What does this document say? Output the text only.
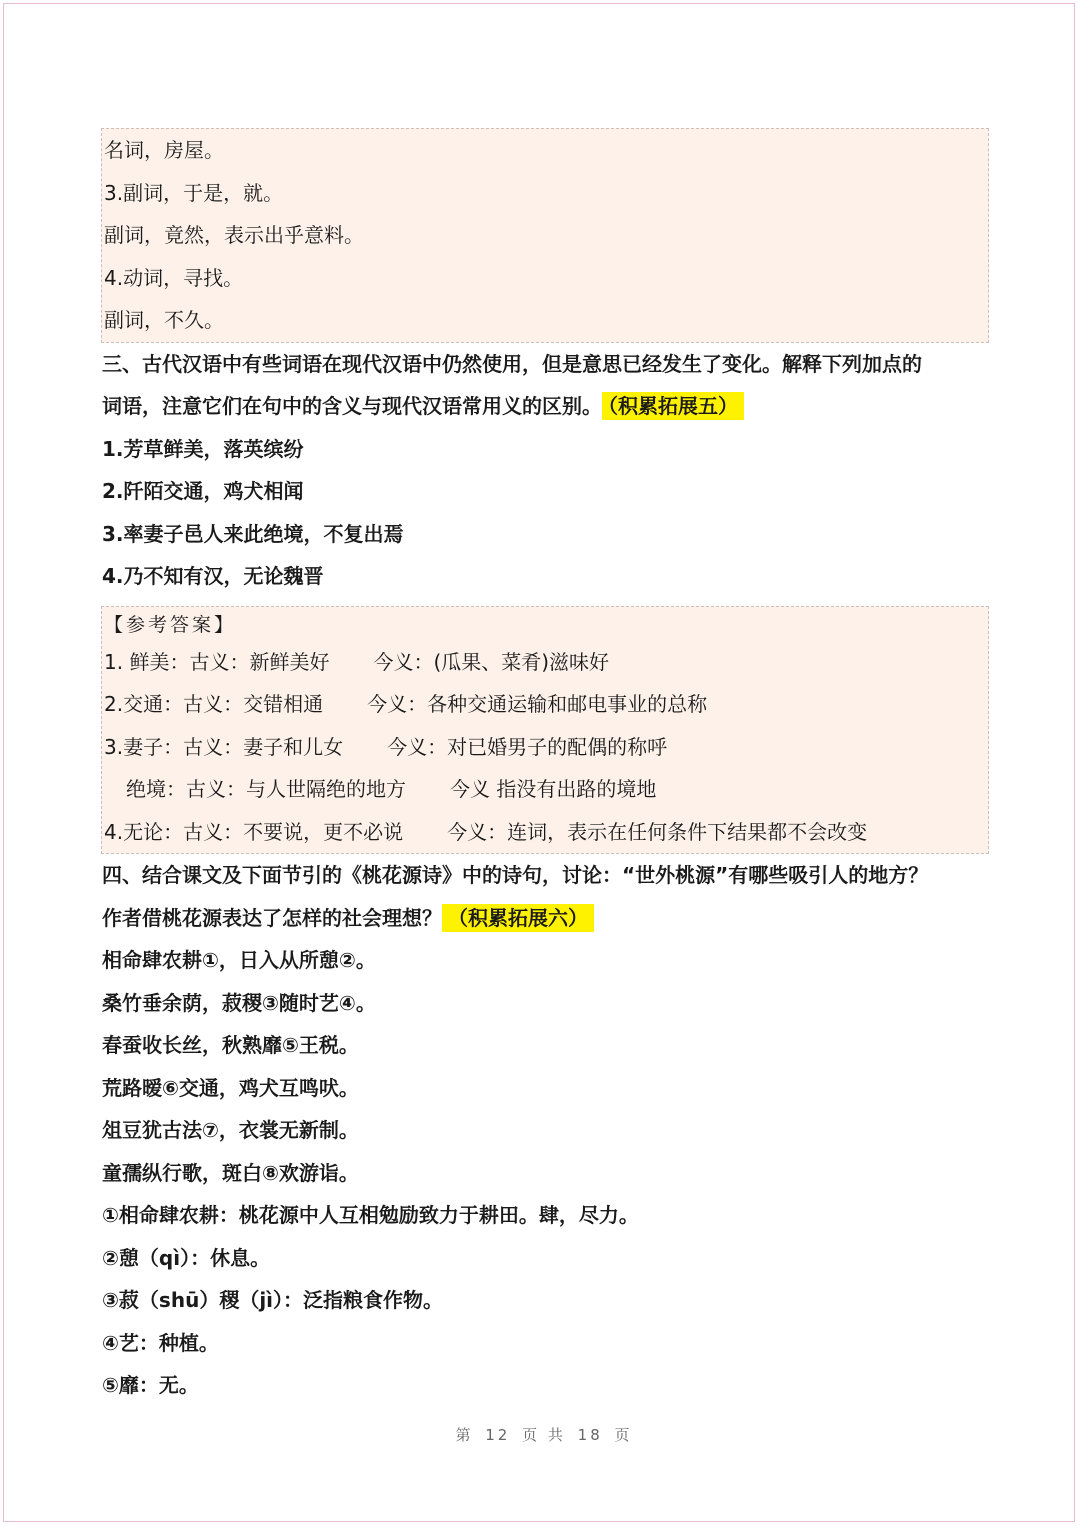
名词，房屋。
3.副词，于是，就。
副词，竟然，表示出乎意料。
4.动词，寻找。
副词，不久。
三、古代汉语中有些词语在现代汉语中仍然使用，但是意思已经发生了变化。解释下列加点的
词语，注意它们在句中的含义与现代汉语常用义的区别。 （积累拓展五）
1.芳草鲜美，落英缤纷
2.阡陌交通，鸡犬相闻
3.率妻子邑人来此绝境，不复出焉
4.乃不知有汉，无论魏晋
【参考答案】
1. 鲜美：古义：新鲜美好 今义：(瓜果、菜肴)滋味好
2.交通：古义：交错相通 今义：各种交通运输和邮电事业的总称
3.妻子：古义：妻子和儿女 今义：对已婚男子的配偶的称呼
绝境：古义：与人世隔绝的地方 今义 指没有出路的境地
4.无论：古义：不要说，更不必说 今义：连词，表示在任何条件下结果都不会改变
四、结合课文及下面节引的《桃花源诗》中的诗句，讨论：“世外桃源”有哪些吸引人的地方？
作者借桃花源表达了怎样的社会理想？ （积累拓展六）
相命肆农耕①，日入从所憩②。
桑竹垂余荫，菽稷③随时艺④。
春蚕收长丝，秋熟靡⑤王税。
荒路暧⑥交通，鸡犬互鸣吠。
俎豆犹古法⑦，衣裳无新制。
童孺纵行歌，斑白⑧欢游诣。
①相命肆农耕：桃花源中人互相勉励致力于耕田。肆，尽力。
②憩（qì）：休息。
③菽（shū）稷（jì）：泛指粮食作物。
④艺：种植。
⑤靡：无。
第 12 页 共 18 页
